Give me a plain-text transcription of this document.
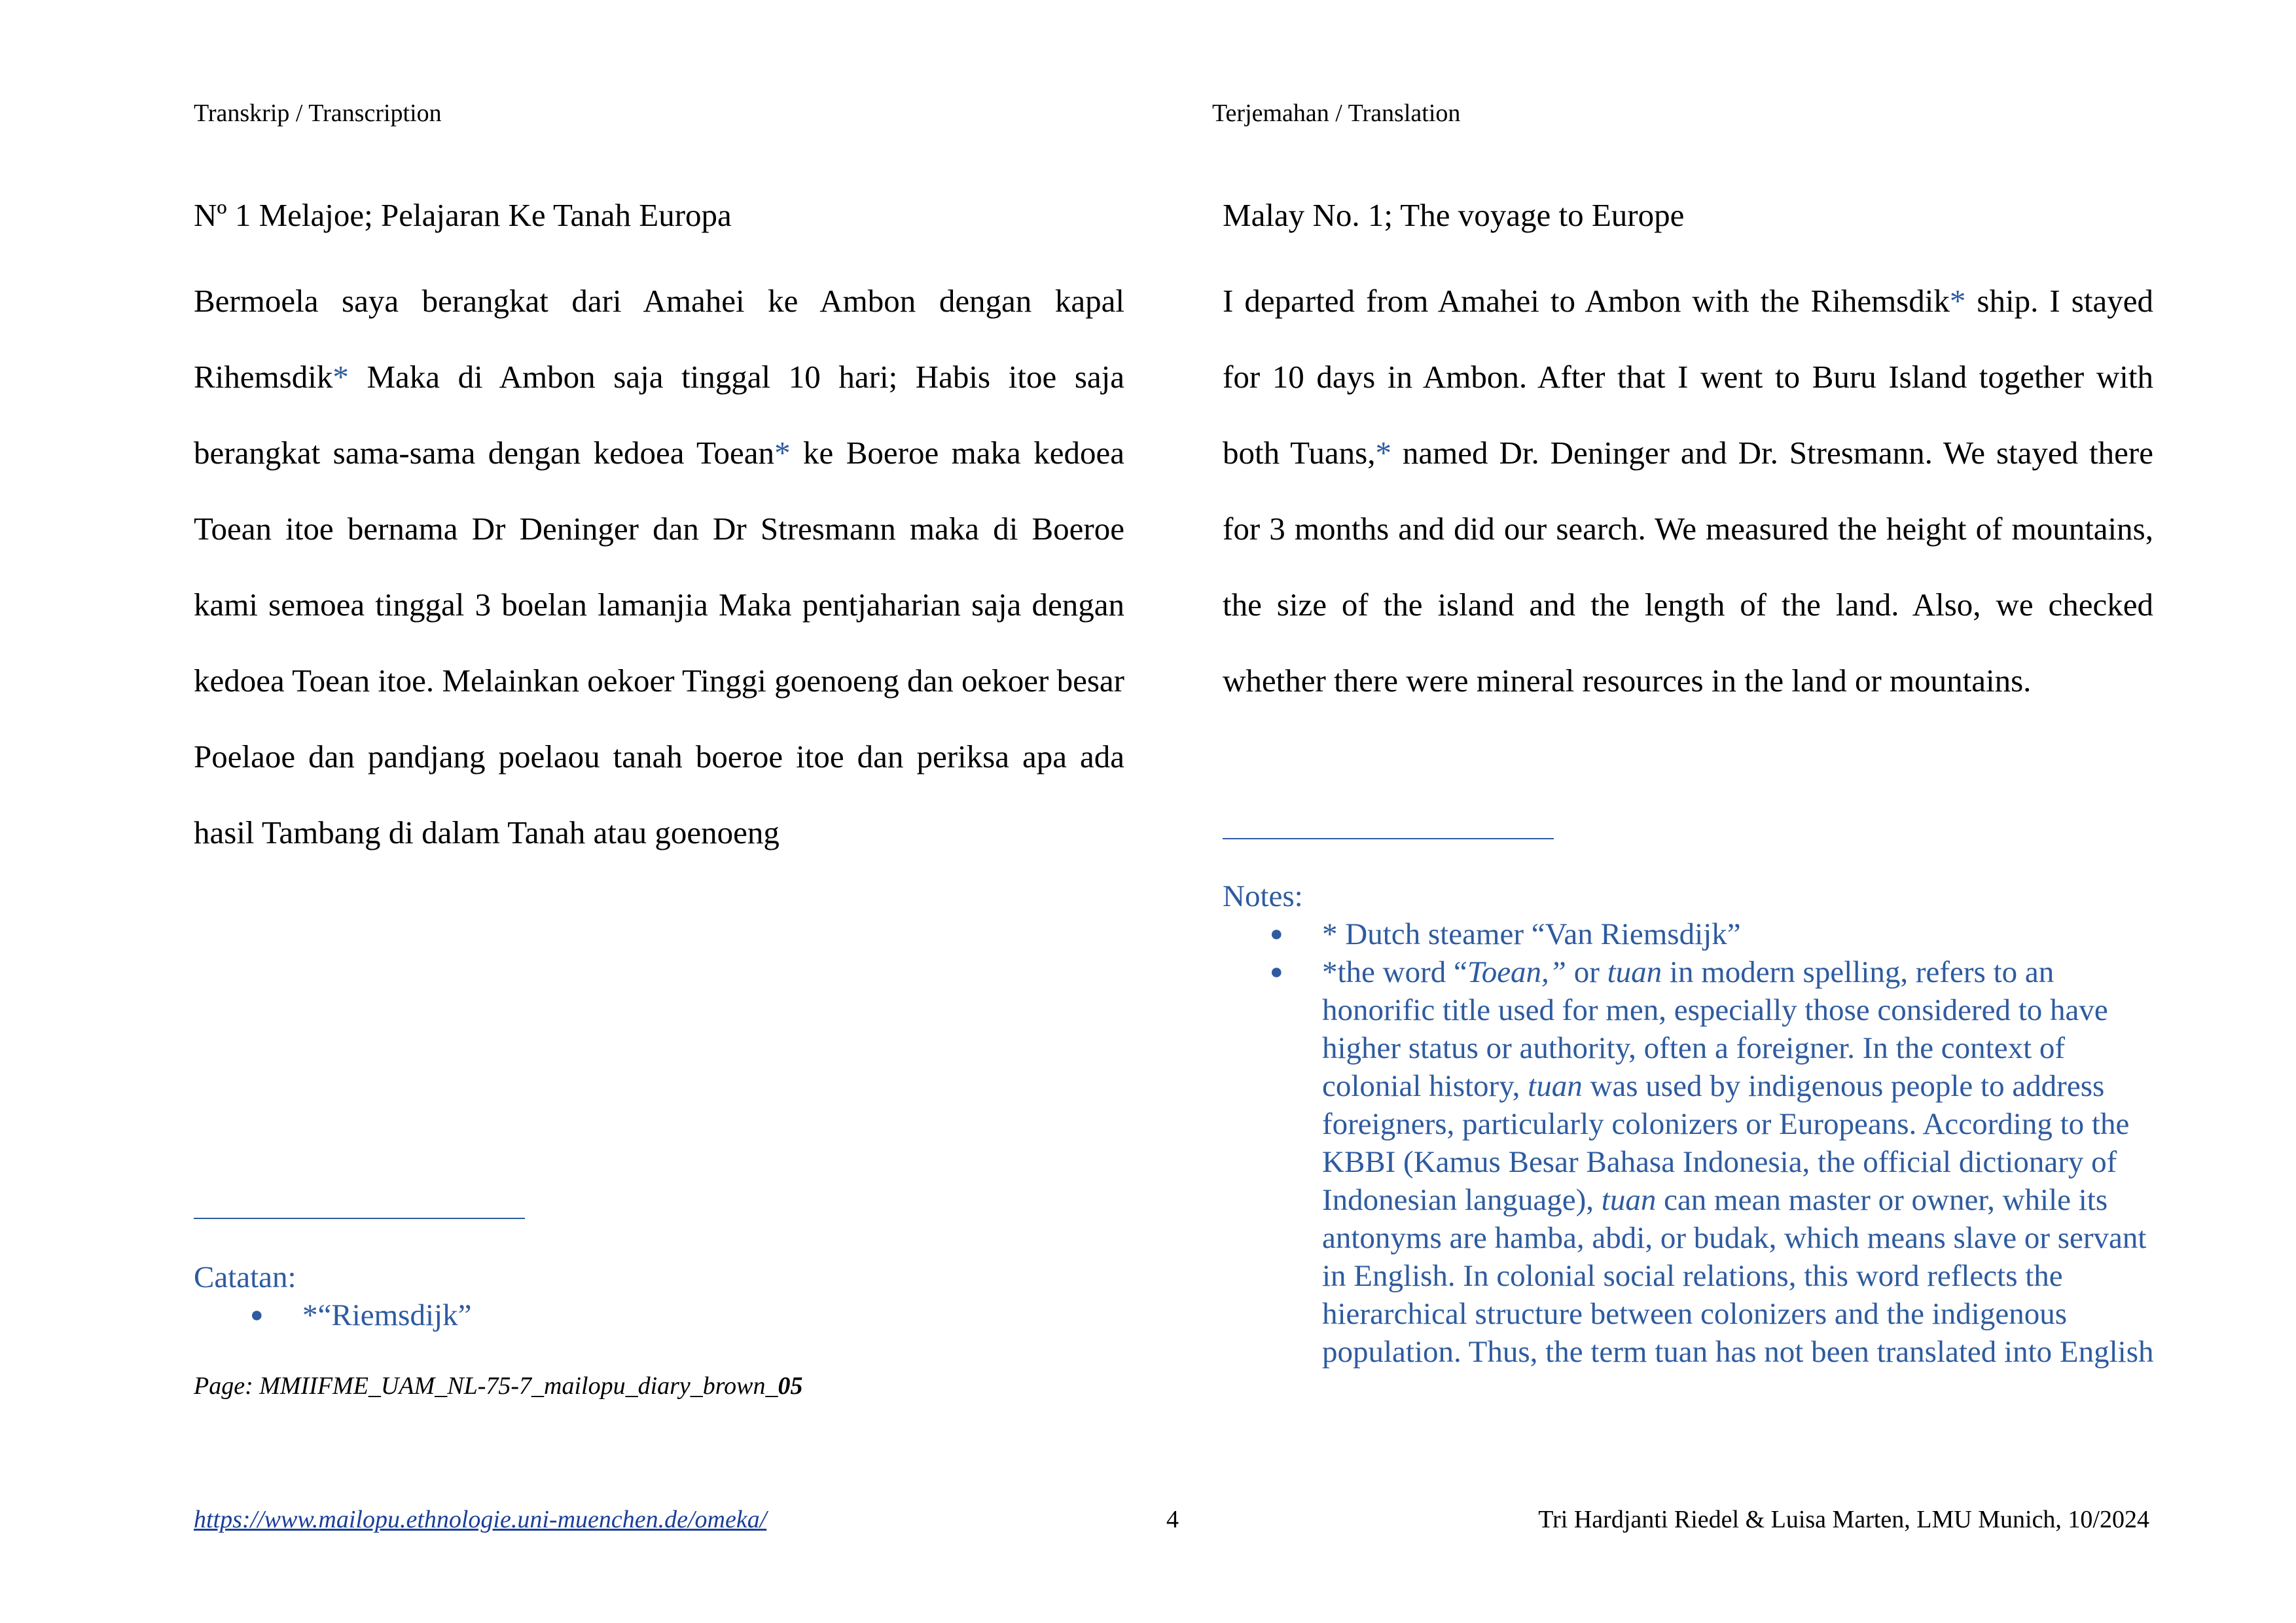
Transkrip / Transcription	Terjemahan / Translation

Nº 1 Melajoe; Pelajaran Ke Tanah Europa

Bermoela saya berangkat dari Amahei ke Ambon dengan kapal Rihemsdik* Maka di Ambon saja tinggal 10 hari; Habis itoe saja berangkat sama-sama dengan kedoea Toean* ke Boeroe maka kedoea Toean itoe bernama Dr Deninger dan Dr Stresmann maka di Boeroe kami semoea tinggal 3 boelan lamanjia Maka pentjaharian saja dengan kedoea Toean itoe. Melainkan oekoer Tinggi goenoeng dan oekoer besar Poelaoe dan pandjang poelaou tanah boeroe itoe dan periksa apa ada hasil Tambang di dalam Tanah atau goenoeng

Catatan:
● *“Riemsdijk”
Page: MMIIFME_UAM_NL-75-7_mailopu_diary_brown_05

Malay No. 1; The voyage to Europe

I departed from Amahei to Ambon with the Rihemsdik* ship. I stayed for 10 days in Ambon. After that I went to Buru Island together with both Tuans,* named Dr. Deninger and Dr. Stresmann. We stayed there for 3 months and did our search. We measured the height of mountains, the size of the island and the length of the land. Also, we checked whether there were mineral resources in the land or mountains.

Notes:
● * Dutch steamer “Van Riemsdijk”
● *the word “Toean,” or tuan in modern spelling, refers to an honorific title used for men, especially those considered to have higher status or authority, often a foreigner. In the context of colonial history, tuan was used by indigenous people to address foreigners, particularly colonizers or Europeans. According to the KBBI (Kamus Besar Bahasa Indonesia, the official dictionary of Indonesian language), tuan can mean master or owner, while its antonyms are hamba, abdi, or budak, which means slave or servant in English. In colonial social relations, this word reflects the hierarchical structure between colonizers and the indigenous population. Thus, the term tuan has not been translated into English
https://www.mailopu.ethnologie.uni-muenchen.de/omeka/	4	Tri Hardjanti Riedel & Luisa Marten, LMU Munich, 10/2024
